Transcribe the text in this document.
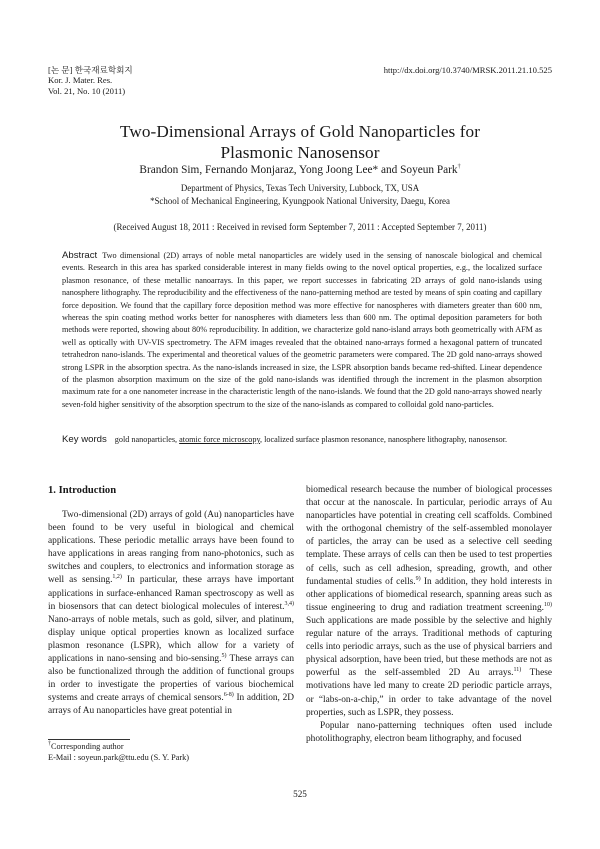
[논 문] 한국재료학회지
Kor. J. Mater. Res.
Vol. 21, No. 10 (2011)
http://dx.doi.org/10.3740/MRSK.2011.21.10.525
Two-Dimensional Arrays of Gold Nanoparticles for
Plasmonic Nanosensor
Brandon Sim, Fernando Monjaraz, Yong Joong Lee* and Soyeun Park†
Department of Physics, Texas Tech University, Lubbock, TX, USA
*School of Mechanical Engineering, Kyungpook National University, Daegu, Korea
(Received August 18, 2011 : Received in revised form September 7, 2011 : Accepted September 7, 2011)
Abstract Two dimensional (2D) arrays of noble metal nanoparticles are widely used in the sensing of nanoscale biological and chemical events. Research in this area has sparked considerable interest in many fields owing to the novel optical properties, e.g., the localized surface plasmon resonance, of these metallic nanoarrays. In this paper, we report successes in fabricating 2D arrays of gold nano-islands using nanosphere lithography. The reproducibility and the effectiveness of the nano-patterning method are tested by means of spin coating and capillary force deposition. We found that the capillary force deposition method was more effective for nanospheres with diameters greater than 600 nm, whereas the spin coating method works better for nanospheres with diameters less than 600 nm. The optimal deposition parameters for both methods were reported, showing about 80% reproducibility. In addition, we characterize gold nano-island arrays both geometrically with AFM as well as optically with UV-VIS spectrometry. The AFM images revealed that the obtained nano-arrays formed a hexagonal pattern of truncated tetrahedron nano-islands. The experimental and theoretical values of the geometric parameters were compared. The 2D gold nano-arrays showed strong LSPR in the absorption spectra. As the nano-islands increased in size, the LSPR absorption bands became red-shifted. Linear dependence of the plasmon absorption maximum on the size of the gold nano-islands was identified through the increment in the plasmon absorption maximum rate for a one nanometer increase in the characteristic length of the nano-islands. We found that the 2D gold nano-arrays showed nearly seven-fold higher sensitivity of the absorption spectrum to the size of the nano-islands as compared to colloidal gold nano-particles.
Key words gold nanoparticles, atomic force microscopy, localized surface plasmon resonance, nanosphere lithography, nanosensor.
1. Introduction

Two-dimensional (2D) arrays of gold (Au) nanoparticles have been found to be very useful in biological and chemical applications. These periodic metallic arrays have been found to have applications in areas ranging from nano-photonics, such as switches and couplers, to electronics and information storage as well as sensing.$^{1,2)}$ In particular, these arrays have important applications in surface-enhanced Raman spectroscopy as well as in biosensors that can detect biological molecules of interest.$^{3,4)}$ Nano-arrays of noble metals, such as gold, silver, and platinum, display unique optical properties known as localized surface plasmon resonance (LSPR), which allow for a variety of applications in nano-sensing and bio-sensing.$^{5)}$ These arrays can also be functionalized through the addition of functional groups in order to investigate the properties of various biochemical systems and create arrays of chemical sensors.$^{6-8)}$ In addition, 2D arrays of Au nanoparticles have great potential in

biomedical research because the number of biological processes that occur at the nanoscale. In particular, periodic arrays of Au nanoparticles have potential in creating cell scaffolds. Combined with the orthogonal chemistry of the self-assembled monolayer of particles, the array can be used as a selective cell seeding template. These arrays of cells can then be used to test properties of cells, such as cell adhesion, spreading, growth, and other fundamental studies of cells.$^{9)}$ In addition, they hold interests in other applications of biomedical research, spanning areas such as tissue engineering to drug and radiation treatment screening.$^{10)}$ Such applications are made possible by the selective and highly regular nature of the arrays. Traditional methods of capturing cells into periodic arrays, such as the use of physical barriers and physical adsorption, have been tried, but these methods are not as powerful as the self-assembled 2D Au arrays.$^{11)}$ These motivations have led many to create 2D periodic particle arrays, or “labs-on-a-chip,” in order to take advantage of the novel properties, such as LSPR, they possess.

Popular nano-patterning techniques often used include photolithography, electron beam lithography, and focused

†Corresponding author
E-Mail : soyeun.park@ttu.edu (S. Y. Park)
525
